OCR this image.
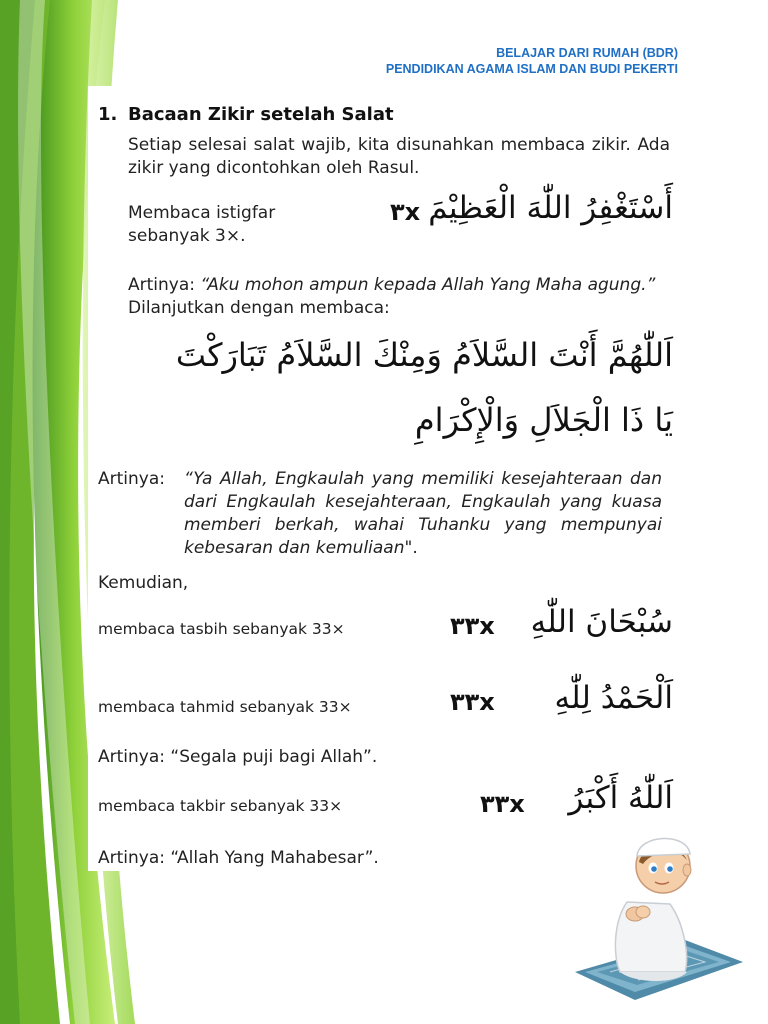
BELAJAR DARI RUMAH (BDR)
PENDIDIKAN AGAMA ISLAM DAN BUDI PEKERTI
1. Bacaan Zikir setelah Salat
Setiap selesai salat wajib, kita disunahkan membaca zikir. Ada zikir yang dicontohkan oleh Rasul.
Membaca istigfar sebanyak 3×.
٣x أَسْتَغْفِرُ اللّٰهَ الْعَظِيْمَ
Artinya: “Aku mohon ampun kepada Allah Yang Maha agung.” Dilanjutkan dengan membaca:
اَللّٰهُمَّ أَنْتَ السَّلاَمُ وَمِنْكَ السَّلاَمُ تَبَارَكْتَ
يَا ذَا الْجَلاَلِ وَالْإِكْرَامِ
Artinya: “Ya Allah, Engkaulah yang memiliki kesejahteraan dan dari Engkaulah kesejahteraan, Engkaulah yang kuasa memberi berkah, wahai Tuhanku yang mempunyai kebesaran dan kemuliaan".
Kemudian,
membaca tasbih sebanyak 33×	٣٣x	سُبْحَانَ اللّٰهِ
membaca tahmid sebanyak 33×	٣٣x	اَلْحَمْدُ لِلّٰهِ
Artinya: “Segala puji bagi Allah”.
membaca takbir sebanyak 33×	٣٣x	اَللّٰهُ أَكْبَرُ
Artinya: “Allah Yang Mahabesar”.
